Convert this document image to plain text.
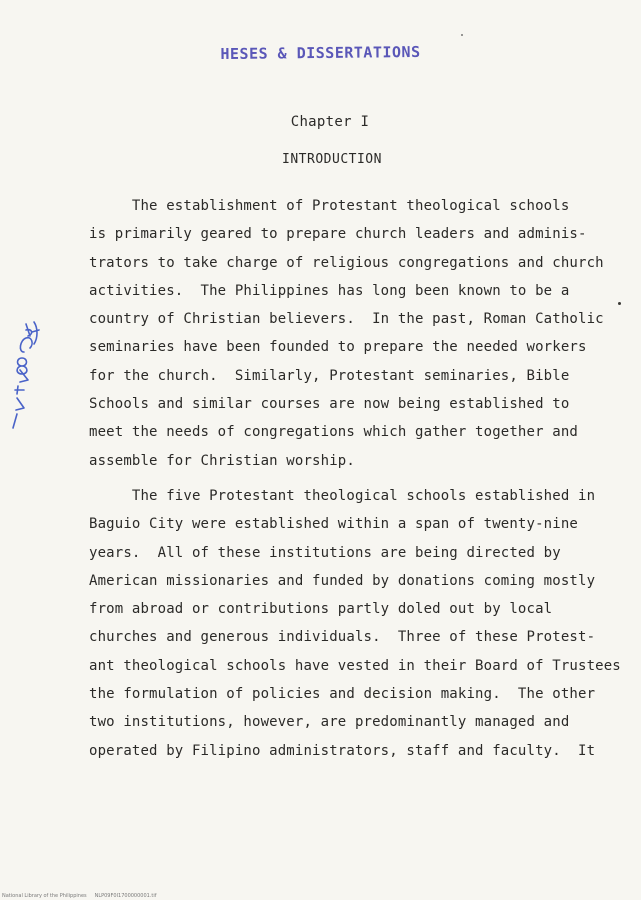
HESES & DISSERTATIONS
Chapter I
INTRODUCTION
The establishment of Protestant theological schools
is primarily geared to prepare church leaders and adminis-
trators to take charge of religious congregations and church
activities.  The Philippines has long been known to be a
country of Christian believers.  In the past, Roman Catholic
seminaries have been founded to prepare the needed workers
for the church.  Similarly, Protestant seminaries, Bible
Schools and similar courses are now being established to
meet the needs of congregations which gather together and
assemble for Christian worship.
The five Protestant theological schools established in
Baguio City were established within a span of twenty-nine
years.  All of these institutions are being directed by
American missionaries and funded by donations coming mostly
from abroad or contributions partly doled out by local
churches and generous individuals.  Three of these Protest-
ant theological schools have vested in their Board of Trustees
the formulation of policies and decision making.  The other
two institutions, however, are predominantly managed and
operated by Filipino administrators, staff and faculty.  It
National Library of the Philippines     NLP09F0I1700000001.tif
